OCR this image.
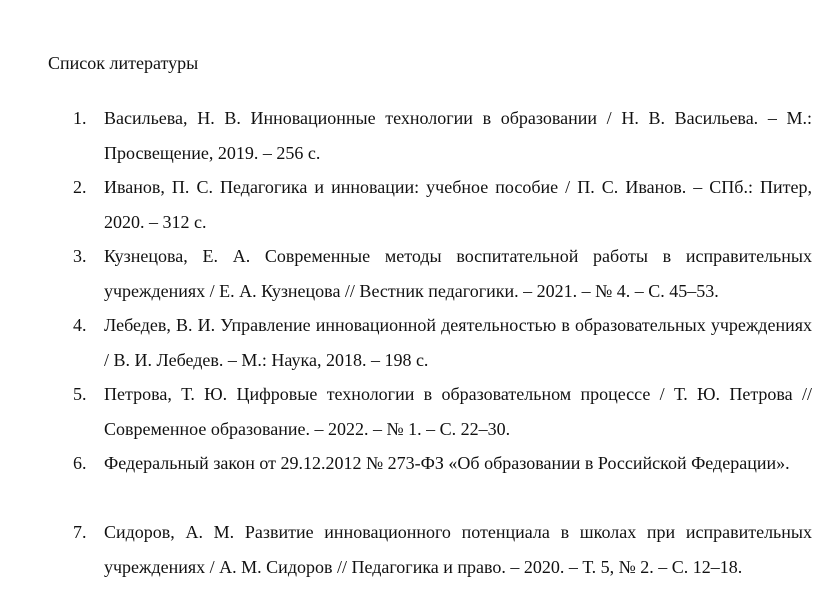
Список литературы
1. Васильева, Н. В. Инновационные технологии в образовании / Н. В. Васильева. – М.: Просвещение, 2019. – 256 с.
2. Иванов, П. С. Педагогика и инновации: учебное пособие / П. С. Иванов. – СПб.: Питер, 2020. – 312 с.
3. Кузнецова, Е. А. Современные методы воспитательной работы в исправительных учреждениях / Е. А. Кузнецова // Вестник педагогики. – 2021. – № 4. – С. 45–53.
4. Лебедев, В. И. Управление инновационной деятельностью в образовательных учреждениях / В. И. Лебедев. – М.: Наука, 2018. – 198 с.
5. Петрова, Т. Ю. Цифровые технологии в образовательном процессе / Т. Ю. Петрова // Современное образование. – 2022. – № 1. – С. 22–30.
6. Федеральный закон от 29.12.2012 № 273-ФЗ «Об образовании в Российской Федерации».
7. Сидоров, А. М. Развитие инновационного потенциала в школах при исправительных учреждениях / А. М. Сидоров // Педагогика и право. – 2020. – Т. 5, № 2. – С. 12–18.
